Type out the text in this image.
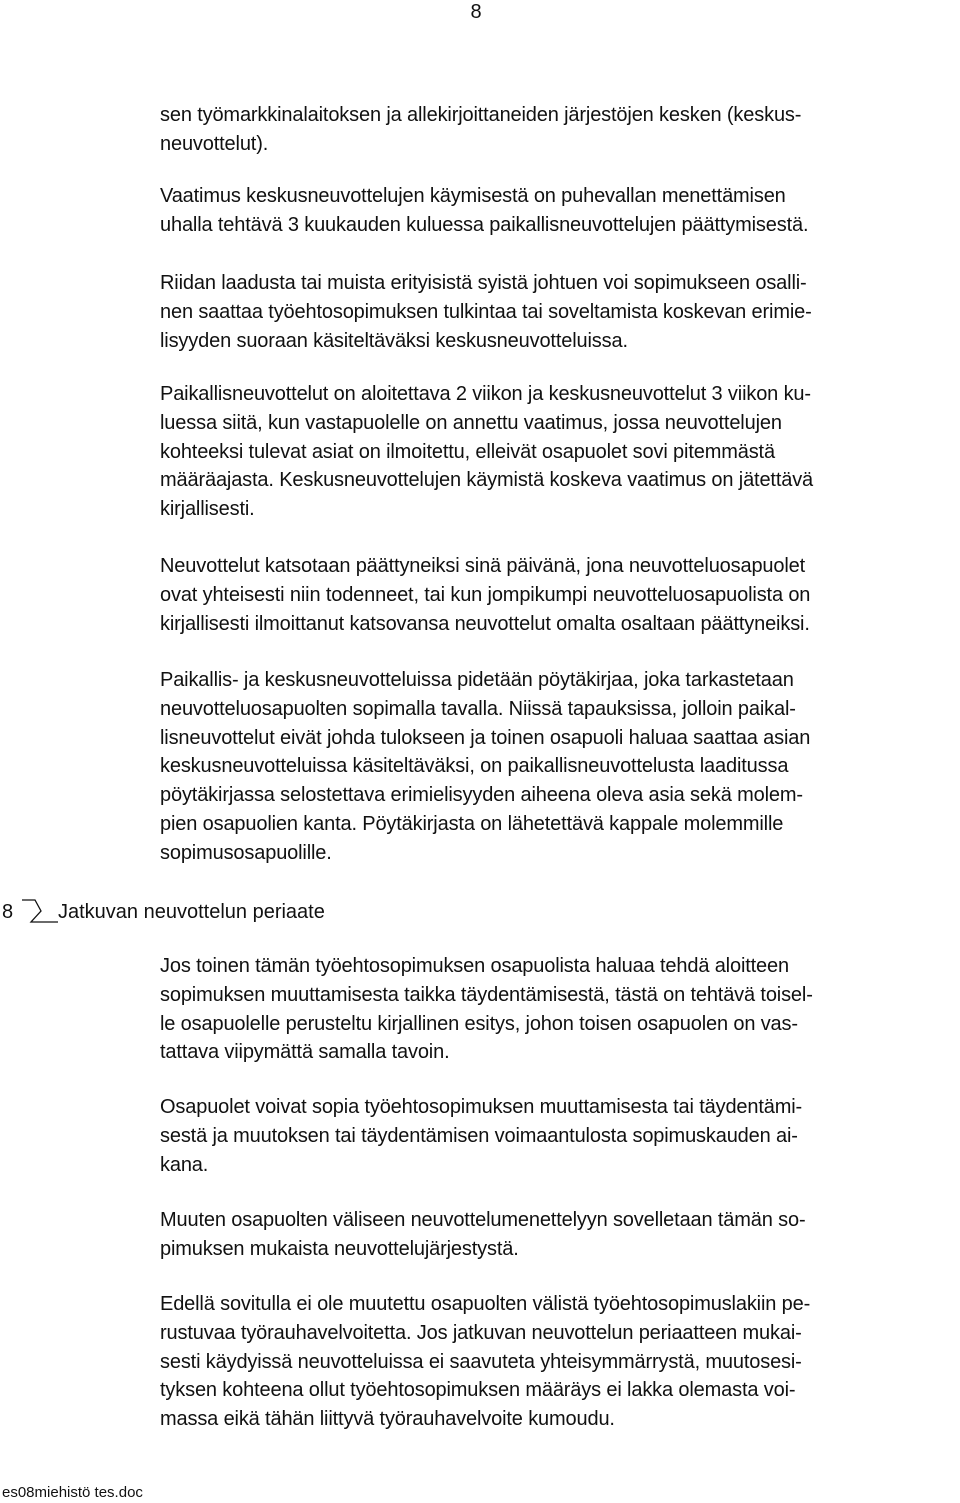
8

sen työmarkkinalaitoksen ja allekirjoittaneiden järjestöjen kesken (keskus-
neuvottelut).

Vaatimus keskusneuvottelujen käymisestä on puhevallan menettämisen
uhalla tehtävä 3 kuukauden kuluessa paikallisneuvottelujen päättymisestä.

Riidan laadusta tai muista erityisistä syistä johtuen voi sopimukseen osalli-
nen saattaa työehtosopimuksen tulkintaa tai soveltamista koskevan erimie-
lisyyden suoraan käsiteltäväksi keskusneuvotteluissa.

Paikallisneuvottelut on aloitettava 2 viikon ja keskusneuvottelut 3 viikon ku-
luessa siitä, kun vastapuolelle on annettu vaatimus, jossa neuvottelujen
kohteeksi tulevat asiat on ilmoitettu, elleivät osapuolet sovi pitemmästä
määräajasta. Keskusneuvottelujen käymistä koskeva vaatimus on jätettävä
kirjallisesti.

Neuvottelut katsotaan päättyneiksi sinä päivänä, jona neuvotteluosapuolet
ovat yhteisesti niin todenneet, tai kun jompikumpi neuvotteluosapuolista on
kirjallisesti ilmoittanut katsovansa neuvottelut omalta osaltaan päättyneiksi.

Paikallis- ja keskusneuvotteluissa pidetään pöytäkirjaa, joka tarkastetaan
neuvotteluosapuolten sopimalla tavalla. Niissä tapauksissa, jolloin paikal-
lisneuvottelut eivät johda tulokseen ja toinen osapuoli haluaa saattaa asian
keskusneuvotteluissa käsiteltäväksi, on paikallisneuvottelusta laaditussa
pöytäkirjassa selostettava erimielisyyden aiheena oleva asia sekä molem-
pien osapuolien kanta. Pöytäkirjasta on lähetettävä kappale molemmille
sopimusosapuolille.

8 Jatkuvan neuvottelun periaate

Jos toinen tämän työehtosopimuksen osapuolista haluaa tehdä aloitteen
sopimuksen muuttamisesta taikka täydentämisestä, tästä on tehtävä toisel-
le osapuolelle perusteltu kirjallinen esitys, johon toisen osapuolen on vas-
tattava viipymättä samalla tavoin.

Osapuolet voivat sopia työehtosopimuksen muuttamisesta tai täydentämi-
sestä ja muutoksen tai täydentämisen voimaantulosta sopimuskauden ai-
kana.

Muuten osapuolten väliseen neuvottelumenettelyyn sovelletaan tämän so-
pimuksen mukaista neuvottelujärjestystä.

Edellä sovitulla ei ole muutettu osapuolten välistä työehtosopimuslakiin pe-
rustuvaa työrauhavelvoitetta. Jos jatkuvan neuvottelun periaatteen mukai-
sesti käydyissä neuvotteluissa ei saavuteta yhteisymmärrystä, muutosesi-
tyksen kohteena ollut työehtosopimuksen määräys ei lakka olemasta voi-
massa eikä tähän liittyvä työrauhavelvoite kumoudu.

es08miehistö tes.doc
